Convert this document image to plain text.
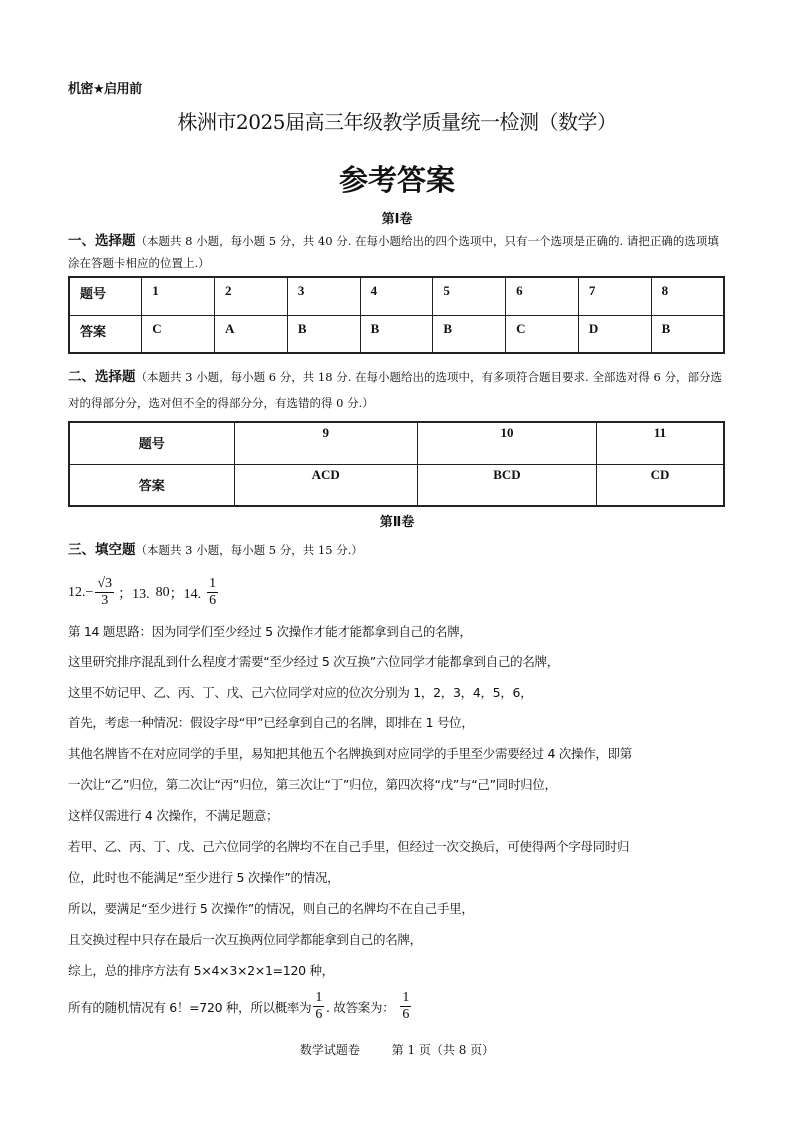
机密★启用前
株洲市2025届高三年级教学质量统一检测（数学）
参考答案
第Ⅰ卷
一、选择题（本题共 8 小题，每小题 5 分，共 40 分. 在每小题给出的四个选项中，只有一个选项是正确的. 请把正确的选项填涂在答题卡相应的位置上.）
题号	1	2	3	4	5	6	7	8
答案	C	A	B	B	B	C	D	B
二、选择题（本题共 3 小题，每小题 6 分，共 18 分. 在每小题给出的选项中，有多项符合题目要求. 全部选对得 6 分，部分选对的得部分分，选对但不全的得部分分，有选错的得 0 分.）
题号	9	10	11
答案	ACD	BCD	CD
第Ⅱ卷
三、填空题（本题共 3 小题，每小题 5 分，共 15 分.）
12. − $\frac{√3}{3}$ ；13. 80 ；14. $\frac{1}{6}$
第 14 题思路：因为同学们至少经过 5 次操作才能才能都拿到自己的名牌，
这里研究排序混乱到什么程度才需要“至少经过 5 次互换”六位同学才能都拿到自己的名牌，
这里不妨记甲、乙、丙、丁、戊、己六位同学对应的位次分别为 1，2，3，4，5，6，
首先，考虑一种情况：假设字母“甲”已经拿到自己的名牌，即排在 1 号位，
其他名牌皆不在对应同学的手里，易知把其他五个名牌换到对应同学的手里至少需要经过 4 次操作，即第
一次让“乙”归位，第二次让“丙”归位，第三次让“丁”归位，第四次将“戊”与“己”同时归位，
这样仅需进行 4 次操作，不满足题意；
若甲、乙、丙、丁、戊、己六位同学的名牌均不在自己手里，但经过一次交换后，可使得两个字母同时归
位，此时也不能满足“至少进行 5 次操作”的情况，
所以，要满足“至少进行 5 次操作”的情况，则自己的名牌均不在自己手里，
且交换过程中只存在最后一次互换两位同学都能拿到自己的名牌，
综上，总的排序方法有 5×4×3×2×1=120 种，
所有的随机情况有 6！=720 种，所以概率为 $\frac{1}{6}$ . 故答案为： $\frac{1}{6}$
数学试题卷	第 1 页（共 8 页）
